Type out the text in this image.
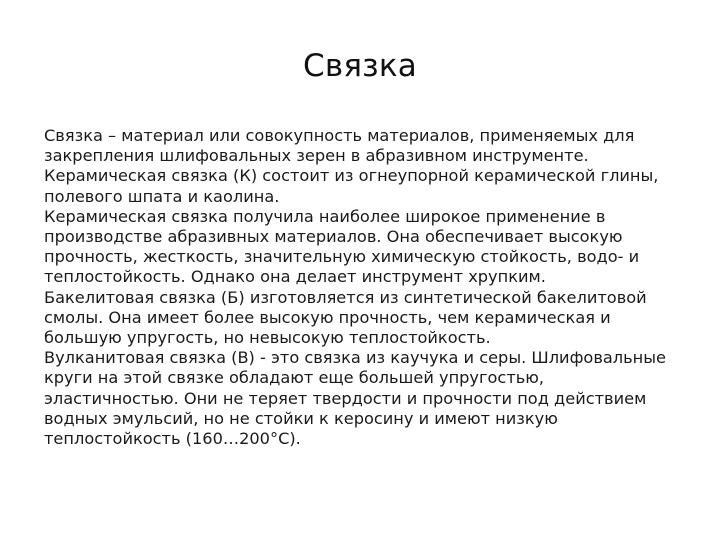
Связка

Связка – материал или совокупность материалов, применяемых для
закрепления шлифовальных зерен в абразивном инструменте.

Керамическая связка (К) состоит из огнеупорной керамической глины,
полевого шпата и каолина.

Керамическая связка получила наиболее широкое применение в
производстве абразивных материалов. Она обеспечивает высокую
прочность, жесткость, значительную химическую стойкость, водо- и
теплостойкость. Однако она делает инструмент хрупким.

Бакелитовая связка (Б) изготовляется из синтетической бакелитовой
смолы. Она имеет более высокую прочность, чем керамическая и
большую упругость, но невысокую теплостойкость.

Вулканитовая связка (В) - это связка из каучука и серы. Шлифовальные
круги на этой связке обладают еще большей упругостью,
эластичностью. Они не теряет твердости и прочности под действием
водных эмульсий, но не стойки к керосину и имеют низкую
теплостойкость (160…200°С).
